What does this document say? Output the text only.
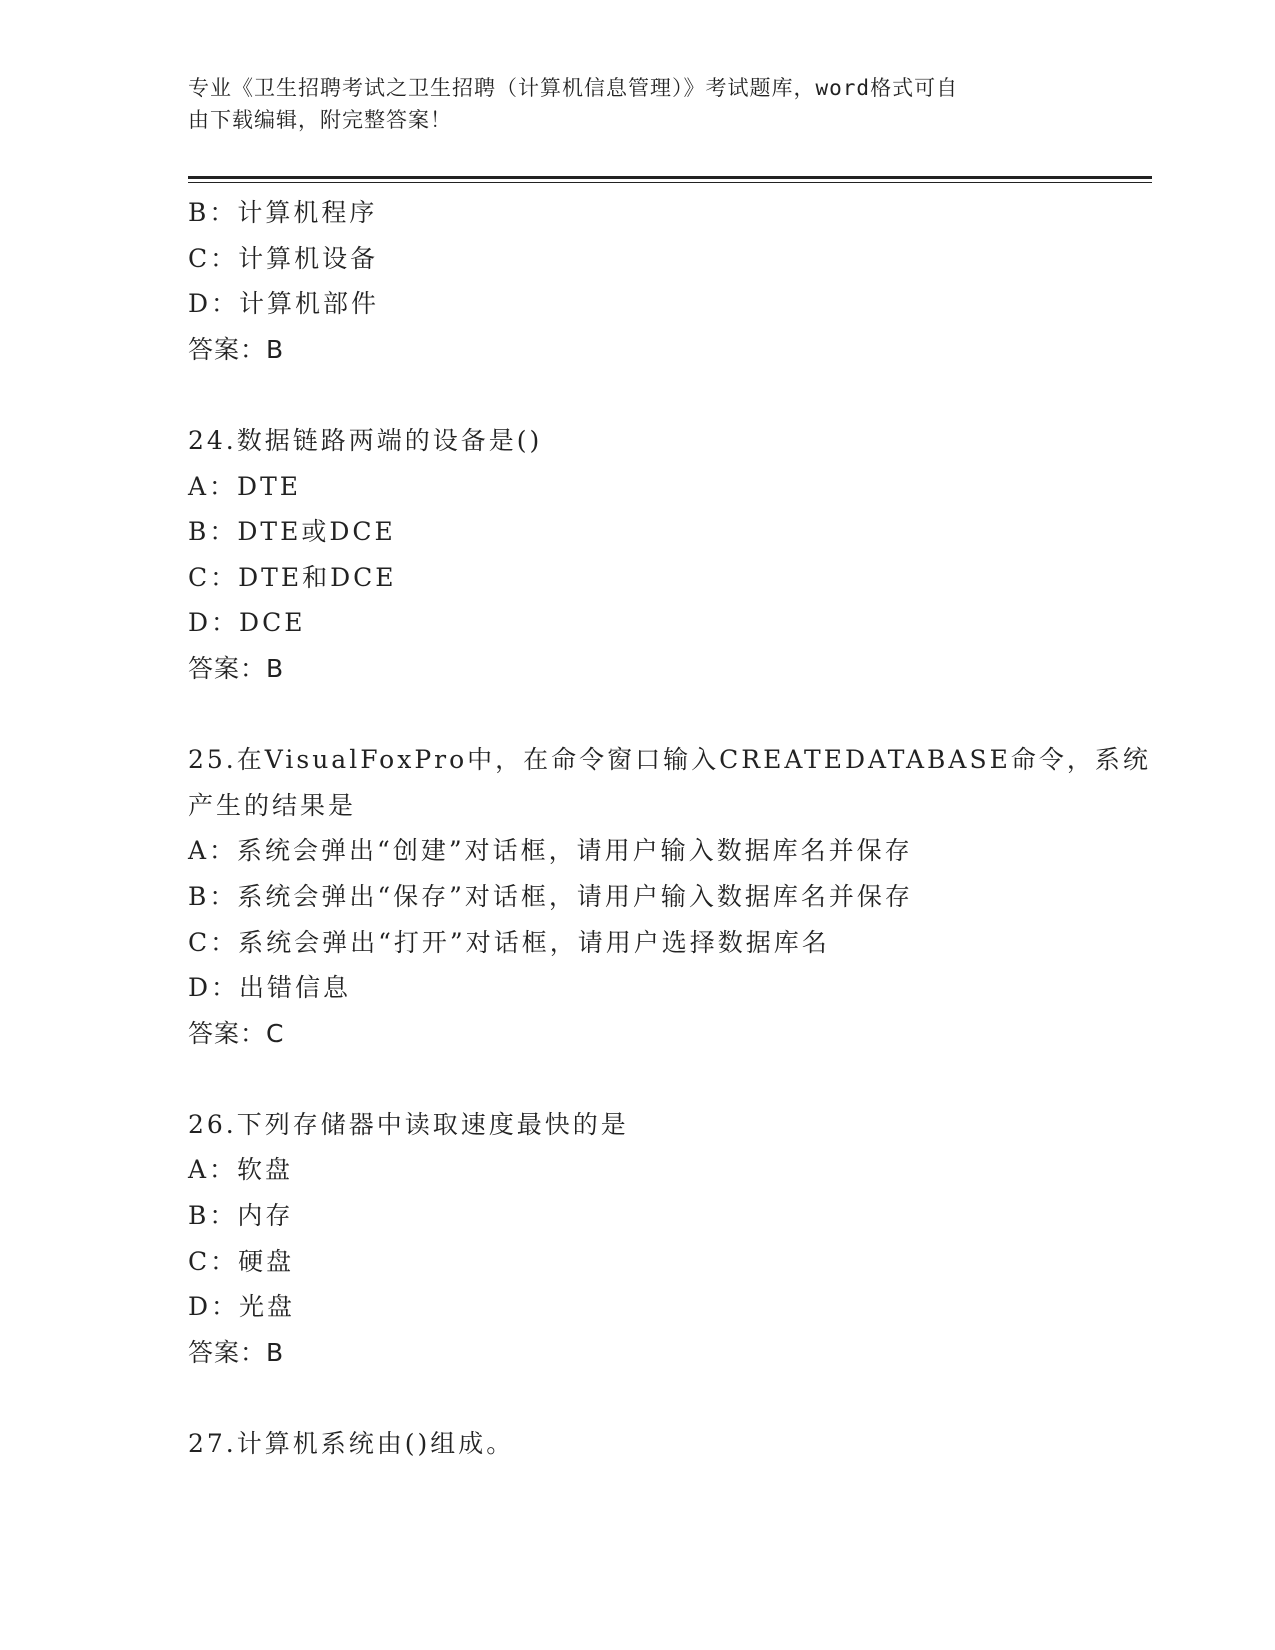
专业《卫生招聘考试之卫生招聘（计算机信息管理）》考试题库，word格式可自
由下载编辑，附完整答案！
B：计算机程序
C：计算机设备
D：计算机部件
答案：B
24.数据链路两端的设备是()
A：DTE
B：DTE或DCE
C：DTE和DCE
D：DCE
答案：B
25.在VisualFoxPro中，在命令窗口输入CREATEDATABASE命令，系统
产生的结果是
A：系统会弹出“创建”对话框，请用户输入数据库名并保存
B：系统会弹出“保存”对话框，请用户输入数据库名并保存
C：系统会弹出“打开”对话框，请用户选择数据库名
D：出错信息
答案：C
26.下列存储器中读取速度最快的是
A：软盘
B：内存
C：硬盘
D：光盘
答案：B
27.计算机系统由()组成。
